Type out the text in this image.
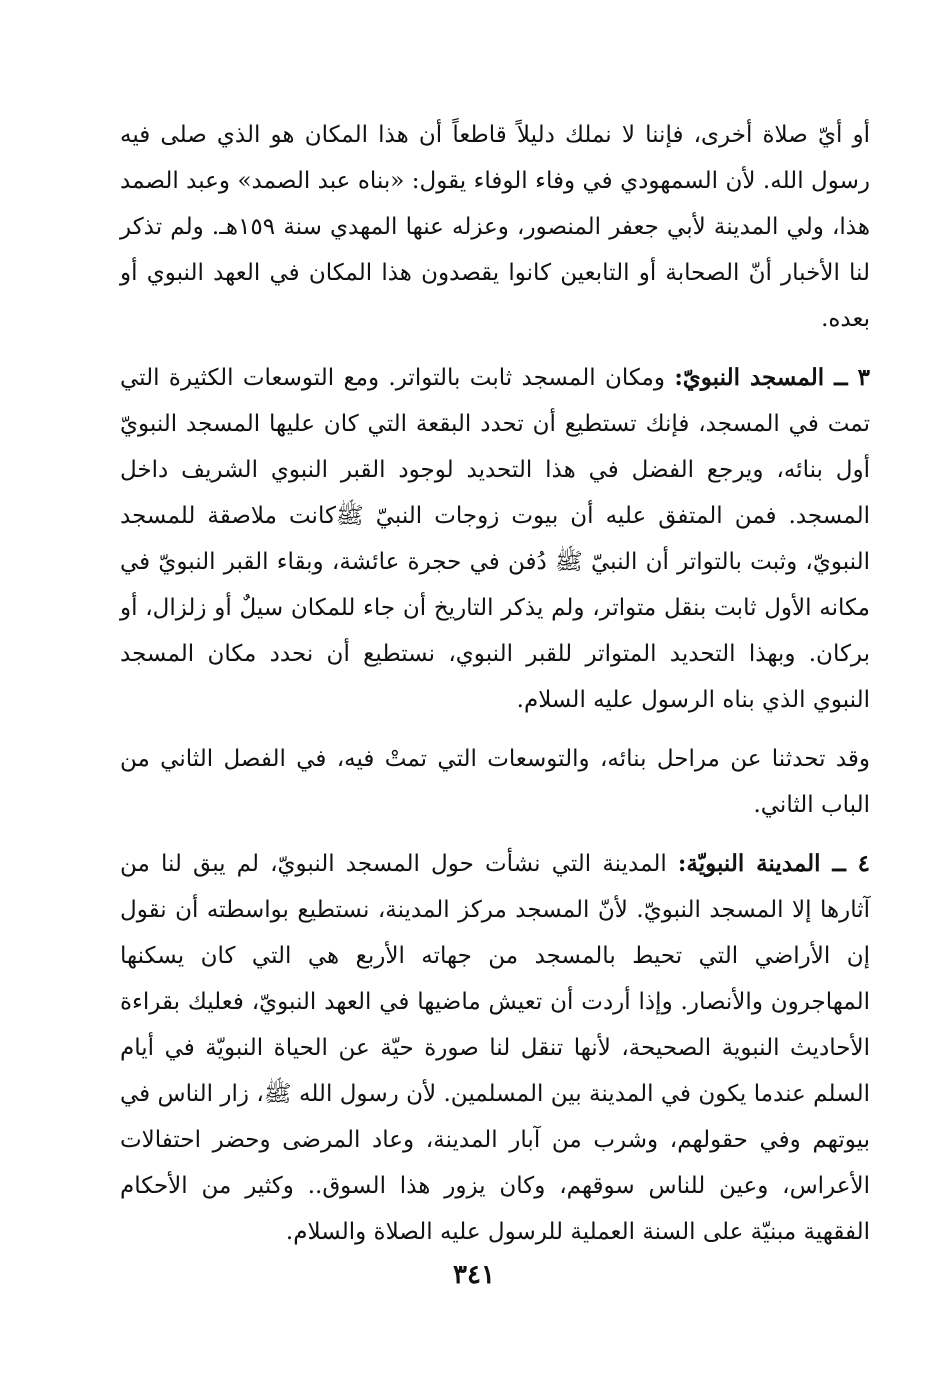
أو أيّ صلاة أخرى، فإننا لا نملك دليلاً قاطعاً أن هذا المكان هو الذي صلى فيه رسول الله. لأن السمهودي في وفاء الوفاء يقول: «بناه عبد الصمد» وعبد الصمد هذا، ولي المدينة لأبي جعفر المنصور، وعزله عنها المهدي سنة ١٥٩هـ. ولم تذكر لنا الأخبار أنّ الصحابة أو التابعين كانوا يقصدون هذا المكان في العهد النبوي أو بعده.

٣ ــ المسجد النبويّ: ومكان المسجد ثابت بالتواتر. ومع التوسعات الكثيرة التي تمت في المسجد، فإنك تستطيع أن تحدد البقعة التي كان عليها المسجد النبويّ أول بنائه، ويرجع الفضل في هذا التحديد لوجود القبر النبوي الشريف داخل المسجد. فمن المتفق عليه أن بيوت زوجات النبيّ ﷺكانت ملاصقة للمسجد النبويّ، وثبت بالتواتر أن النبيّ ﷺ دُفن في حجرة عائشة، وبقاء القبر النبويّ في مكانه الأول ثابت بنقل متواتر، ولم يذكر التاريخ أن جاء للمكان سيلٌ أو زلزال، أو بركان. وبهذا التحديد المتواتر للقبر النبوي، نستطيع أن نحدد مكان المسجد النبوي الذي بناه الرسول عليه السلام.

وقد تحدثنا عن مراحل بنائه، والتوسعات التي تمتْ فيه، في الفصل الثاني من الباب الثاني.

٤ ــ المدينة النبويّة: المدينة التي نشأت حول المسجد النبويّ، لم يبق لنا من آثارها إلا المسجد النبويّ. لأنّ المسجد مركز المدينة، نستطيع بواسطته أن نقول إن الأراضي التي تحيط بالمسجد من جهاته الأربع هي التي كان يسكنها المهاجرون والأنصار. وإذا أردت أن تعيش ماضيها في العهد النبويّ، فعليك بقراءة الأحاديث النبوية الصحيحة، لأنها تنقل لنا صورة حيّة عن الحياة النبويّة في أيام السلم عندما يكون في المدينة بين المسلمين. لأن رسول الله ﷺ، زار الناس في بيوتهم وفي حقولهم، وشرب من آبار المدينة، وعاد المرضى وحضر احتفالات الأعراس، وعين للناس سوقهم، وكان يزور هذا السوق.. وكثير من الأحكام الفقهية مبنيّة على السنة العملية للرسول عليه الصلاة والسلام.

٣٤١
